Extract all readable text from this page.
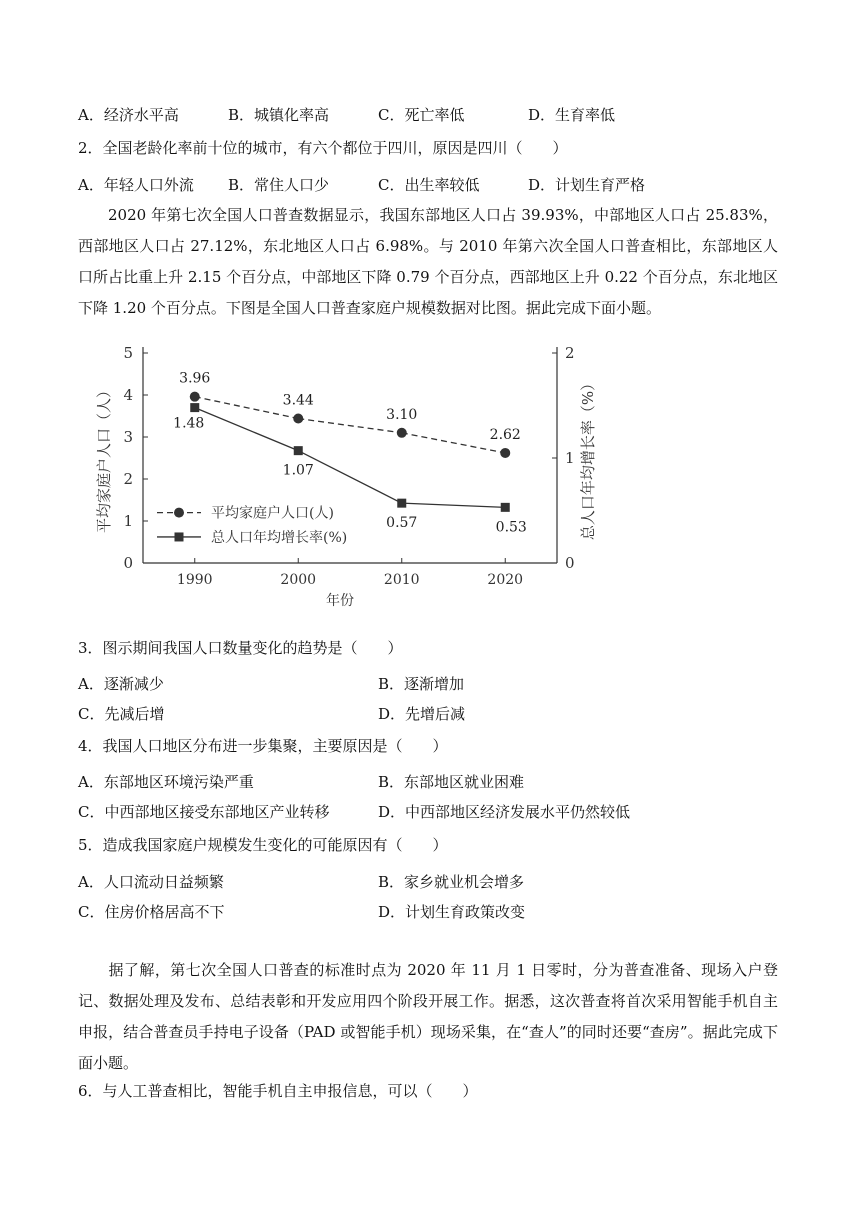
A．经济水平高	B．城镇化率高	C．死亡率低	D．生育率低
2．全国老龄化率前十位的城市，有六个都位于四川，原因是四川（　　）
A．年轻人口外流 B．常住人口少	C．出生率较低	D．计划生育严格

2020 年第七次全国人口普查数据显示，我国东部地区人口占 39.93%，中部地区人口占 25.83%，西部地区人口占 27.12%，东北地区人口占 6.98%。与 2010 年第六次全国人口普查相比，东部地区人口所占比重上升 2.15 个百分点，中部地区下降 0.79 个百分点，西部地区上升 0.22 个百分点，东北地区下降 1.20 个百分点。下图是全国人口普查家庭户规模数据对比图。据此完成下面小题。

0
1
2
3
4
5
0
1
2
1990	2000	2010	2020
年份
平均家庭户人口（人）	总人口年均增长率（%）
3.96
3.44
3.10
2.62
1.48
1.07
0.57	0.53
平均家庭户人口(人)
总人口年均增长率(%)
3．图示期间我国人口数量变化的趋势是（　　）
A．逐渐减少	B．逐渐增加
C．先减后增	D．先增后减
4．我国人口地区分布进一步集聚，主要原因是（　　）
A．东部地区环境污染严重	B．东部地区就业困难
C．中西部地区接受东部地区产业转移	D．中西部地区经济发展水平仍然较低
5．造成我国家庭户规模发生变化的可能原因有（　　）
A．人口流动日益频繁	B．家乡就业机会增多
C．住房价格居高不下	D．计划生育政策改变

据了解，第七次全国人口普查的标准时点为 2020 年 11 月 1 日零时，分为普查准备、现场入户登记、数据处理及发布、总结表彰和开发应用四个阶段开展工作。据悉，这次普查将首次采用智能手机自主申报，结合普查员手持电子设备（PAD 或智能手机）现场采集，在“查人”的同时还要“查房”。据此完成下面小题。

6．与人工普查相比，智能手机自主申报信息，可以（　　）
